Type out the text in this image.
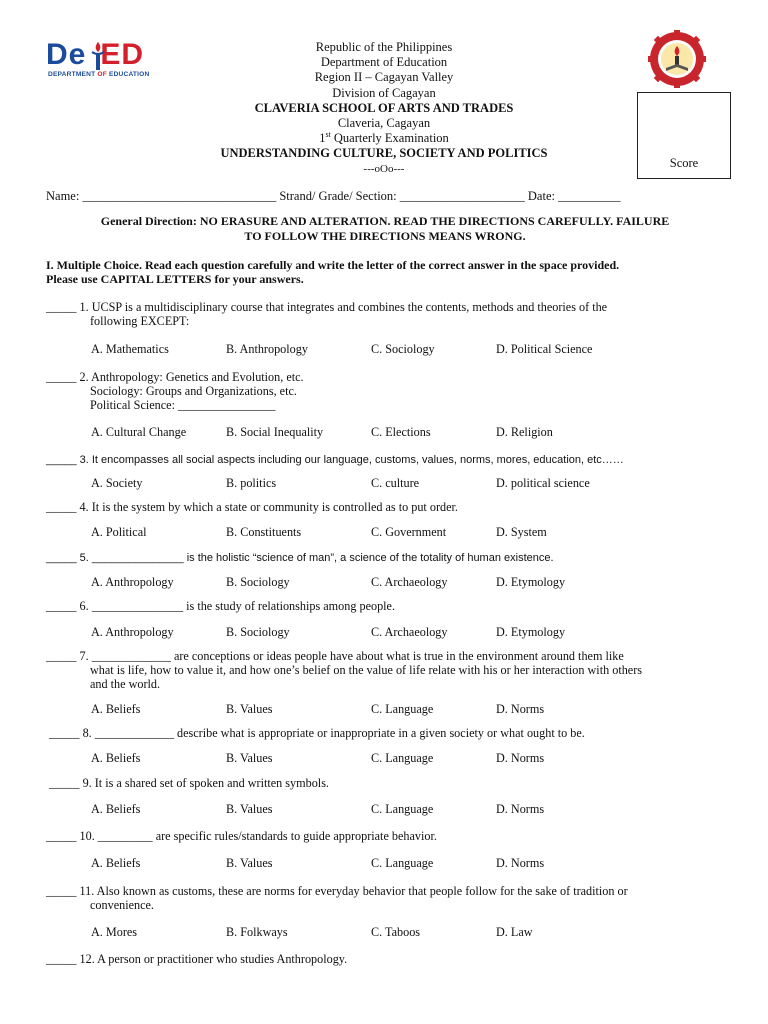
De ED
DEPARTMENT OF EDUCATION
Republic of the Philippines
Department of Education
Region II – Cagayan Valley
Division of Cagayan
CLAVERIA SCHOOL OF ARTS AND TRADES
Claveria, Cagayan
1st Quarterly Examination
UNDERSTANDING CULTURE, SOCIETY AND POLITICS
---oOo---	Score
Name: _______________________________ Strand/ Grade/ Section: ____________________ Date: __________
General Direction: NO ERASURE AND ALTERATION. READ THE DIRECTIONS CAREFULLY. FAILURE
TO FOLLOW THE DIRECTIONS MEANS WRONG.
I. Multiple Choice. Read each question carefully and write the letter of the correct answer in the space provided.
Please use CAPITAL LETTERS for your answers.
_____ 1. UCSP is a multidisciplinary course that integrates and combines the contents, methods and theories of the
following EXCEPT:
A. Mathematics	B. Anthropology	C. Sociology	D. Political Science
_____ 2. Anthropology: Genetics and Evolution, etc.
Sociology: Groups and Organizations, etc.
Political Science: ________________
A. Cultural Change	B. Social Inequality	C. Elections	D. Religion
_____ 3. It encompasses all social aspects including our language, customs, values, norms, mores, education, etc……
A. Society	B. politics	C. culture	D. political science
_____ 4. It is the system by which a state or community is controlled as to put order.
A. Political	B. Constituents	C. Government	D. System
_____ 5. _______________ is the holistic “science of man”, a science of the totality of human existence.
A. Anthropology	B. Sociology	C. Archaeology	D. Etymology
_____ 6. _______________ is the study of relationships among people.
A. Anthropology	B. Sociology	C. Archaeology	D. Etymology
_____ 7. _____________ are conceptions or ideas people have about what is true in the environment around them like
what is life, how to value it, and how one’s belief on the value of life relate with his or her interaction with others
and the world.
A. Beliefs	B. Values	C. Language	D. Norms
_____ 8. _____________ describe what is appropriate or inappropriate in a given society or what ought to be.
A. Beliefs	B. Values	C. Language	D. Norms
_____ 9. It is a shared set of spoken and written symbols.
A. Beliefs	B. Values	C. Language	D. Norms
_____ 10. _________ are specific rules/standards to guide appropriate behavior.
A. Beliefs	B. Values	C. Language	D. Norms
_____ 11. Also known as customs, these are norms for everyday behavior that people follow for the sake of tradition or
convenience.
A. Mores	B. Folkways	C. Taboos	D. Law
_____ 12. A person or practitioner who studies Anthropology.
